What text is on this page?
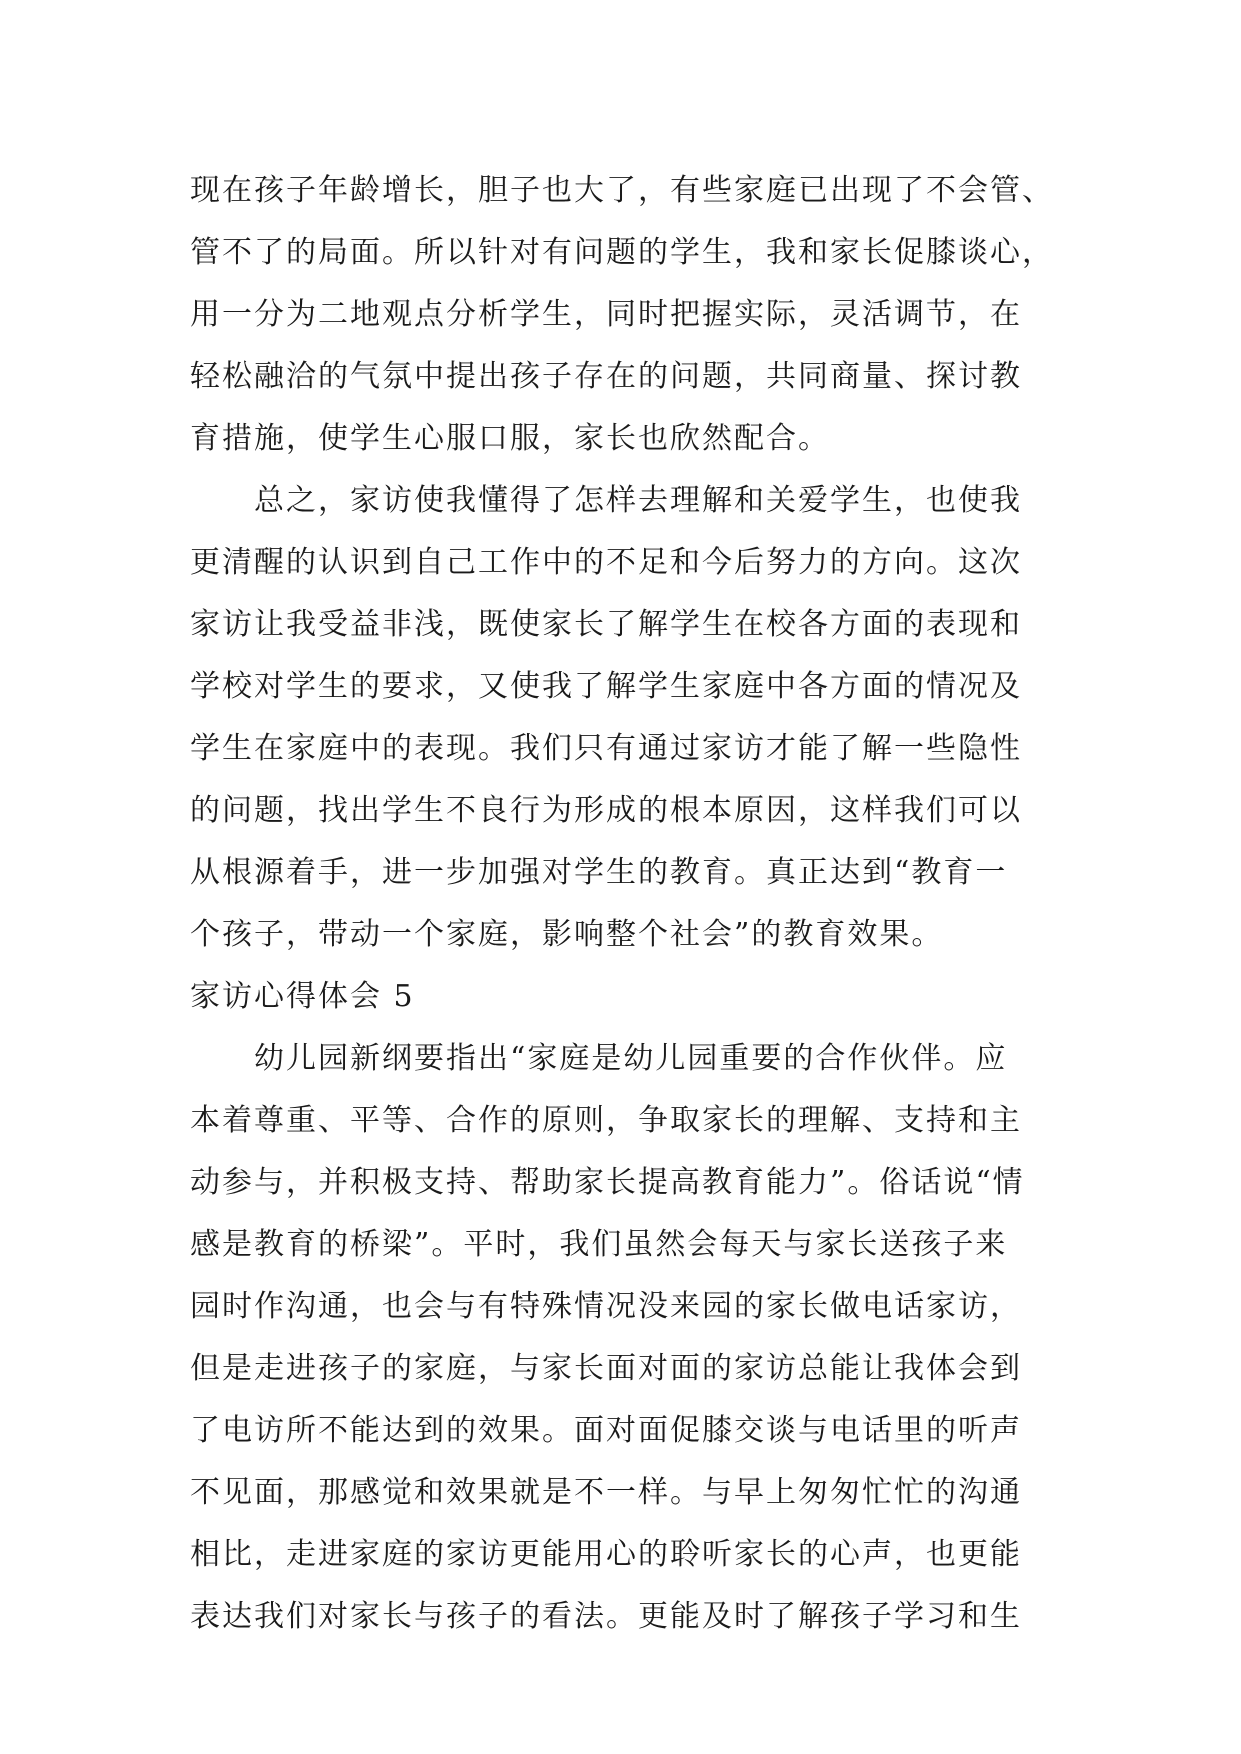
现在孩子年龄增长，胆子也大了，有些家庭已出现了不会管、
管不了的局面。所以针对有问题的学生，我和家长促膝谈心，
用一分为二地观点分析学生，同时把握实际，灵活调节，在
轻松融洽的气氛中提出孩子存在的问题，共同商量、探讨教
育措施，使学生心服口服，家长也欣然配合。
总之，家访使我懂得了怎样去理解和关爱学生，也使我
更清醒的认识到自己工作中的不足和今后努力的方向。这次
家访让我受益非浅，既使家长了解学生在校各方面的表现和
学校对学生的要求，又使我了解学生家庭中各方面的情况及
学生在家庭中的表现。我们只有通过家访才能了解一些隐性
的问题，找出学生不良行为形成的根本原因，这样我们可以
从根源着手，进一步加强对学生的教育。真正达到“教育一
个孩子，带动一个家庭，影响整个社会”的教育效果。
家访心得体会 5
幼儿园新纲要指出“家庭是幼儿园重要的合作伙伴。应
本着尊重、平等、合作的原则，争取家长的理解、支持和主
动参与，并积极支持、帮助家长提高教育能力”。俗话说“情
感是教育的桥梁”。平时，我们虽然会每天与家长送孩子来
园时作沟通，也会与有特殊情况没来园的家长做电话家访，
但是走进孩子的家庭，与家长面对面的家访总能让我体会到
了电访所不能达到的效果。面对面促膝交谈与电话里的听声
不见面，那感觉和效果就是不一样。与早上匆匆忙忙的沟通
相比，走进家庭的家访更能用心的聆听家长的心声，也更能
表达我们对家长与孩子的看法。更能及时了解孩子学习和生
